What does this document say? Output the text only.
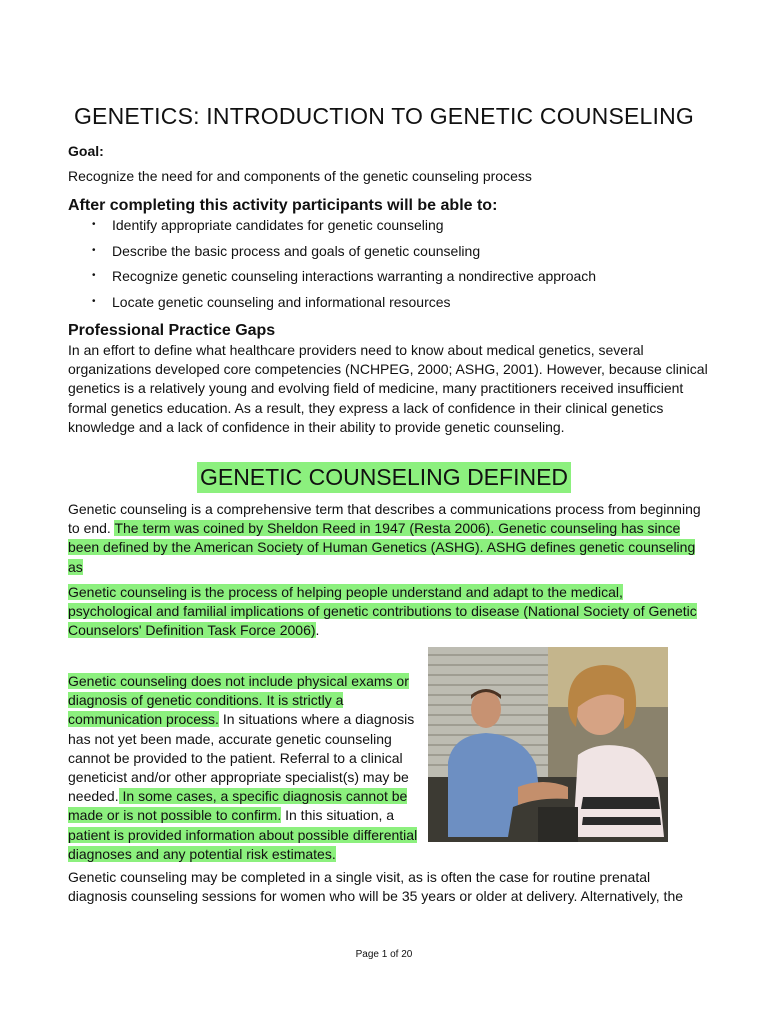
GENETICS: INTRODUCTION TO GENETIC COUNSELING
Goal:
Recognize the need for and components of the genetic counseling process
After completing this activity participants will be able to:
• Identify appropriate candidates for genetic counseling
• Describe the basic process and goals of genetic counseling
• Recognize genetic counseling interactions warranting a nondirective approach
• Locate genetic counseling and informational resources
Professional Practice Gaps
In an effort to define what healthcare providers need to know about medical genetics, several organizations developed core competencies (NCHPEG, 2000; ASHG, 2001). However, because clinical genetics is a relatively young and evolving field of medicine, many practitioners received insufficient formal genetics education. As a result, they express a lack of confidence in their clinical genetics knowledge and a lack of confidence in their ability to provide genetic counseling.
GENETIC COUNSELING DEFINED
Genetic counseling is a comprehensive term that describes a communications process from beginning to end. The term was coined by Sheldon Reed in 1947 (Resta 2006). Genetic counseling has since been defined by the American Society of Human Genetics (ASHG). ASHG defines genetic counseling as
Genetic counseling is the process of helping people understand and adapt to the medical, psychological and familial implications of genetic contributions to disease (National Society of Genetic Counselors' Definition Task Force 2006).
Genetic counseling does not include physical exams or diagnosis of genetic conditions. It is strictly a communication process. In situations where a diagnosis has not yet been made, accurate genetic counseling cannot be provided to the patient. Referral to a clinical geneticist and/or other appropriate specialist(s) may be needed. In some cases, a specific diagnosis cannot be made or is not possible to confirm. In this situation, a patient is provided information about possible differential diagnoses and any potential risk estimates.
Genetic counseling may be completed in a single visit, as is often the case for routine prenatal diagnosis counseling sessions for women who will be 35 years or older at delivery. Alternatively, the
Page 1 of 20
